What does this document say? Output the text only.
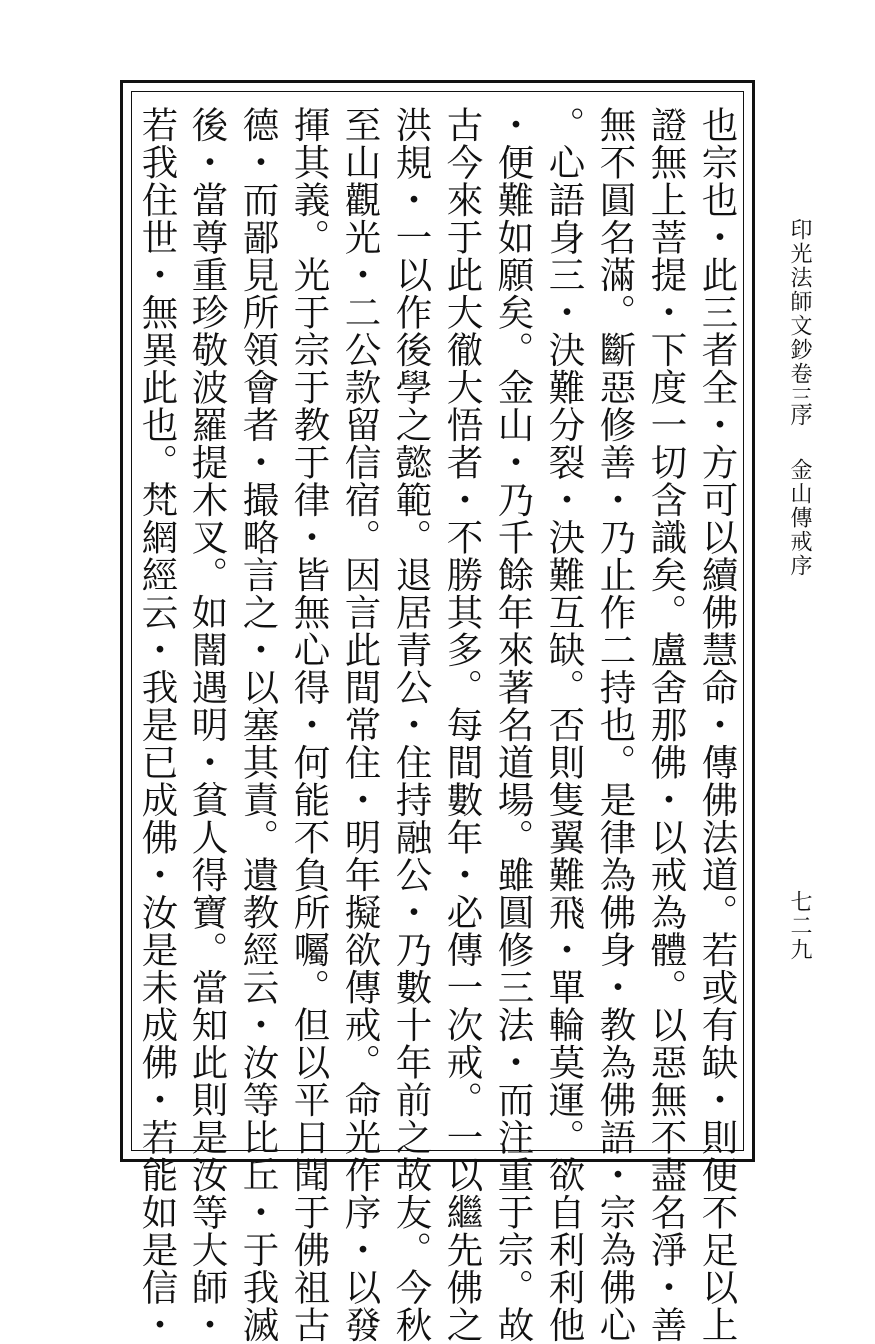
也宗也・此三者全・方可以續佛慧命・傳佛法道。若或有缺・則便不足以上
證無上菩提・下度一切含識矣。盧舍那佛・以戒為體。以惡無不盡名淨・善
無不圓名滿。斷惡修善・乃止作二持也。是律為佛身・教為佛語・宗為佛心
。心語身三・決難分裂・決難互缺。否則隻翼難飛・單輪莫運。欲自利利他
・便難如願矣。金山・乃千餘年來著名道場。雖圓修三法・而注重于宗。故
古今來于此大徹大悟者・不勝其多。每間數年・必傳一次戒。一以繼先佛之
洪規・一以作後學之懿範。退居青公・住持融公・乃數十年前之故友。今秋
至山觀光・二公款留信宿。因言此間常住・明年擬欲傳戒。命光作序・以發
揮其義。光于宗于教于律・皆無心得・何能不負所囑。但以平日聞于佛祖古
德・而鄙見所領會者・撮略言之・以塞其責。遺教經云・汝等比丘・于我滅
後・當尊重珍敬波羅提木叉。如闇遇明・貧人得寶。當知此則是汝等大師・
若我住世・無異此也。梵網經云・我是已成佛・汝是未成佛・若能如是信・	印光法師文鈔卷三
序
金山傳戒序
七二九
